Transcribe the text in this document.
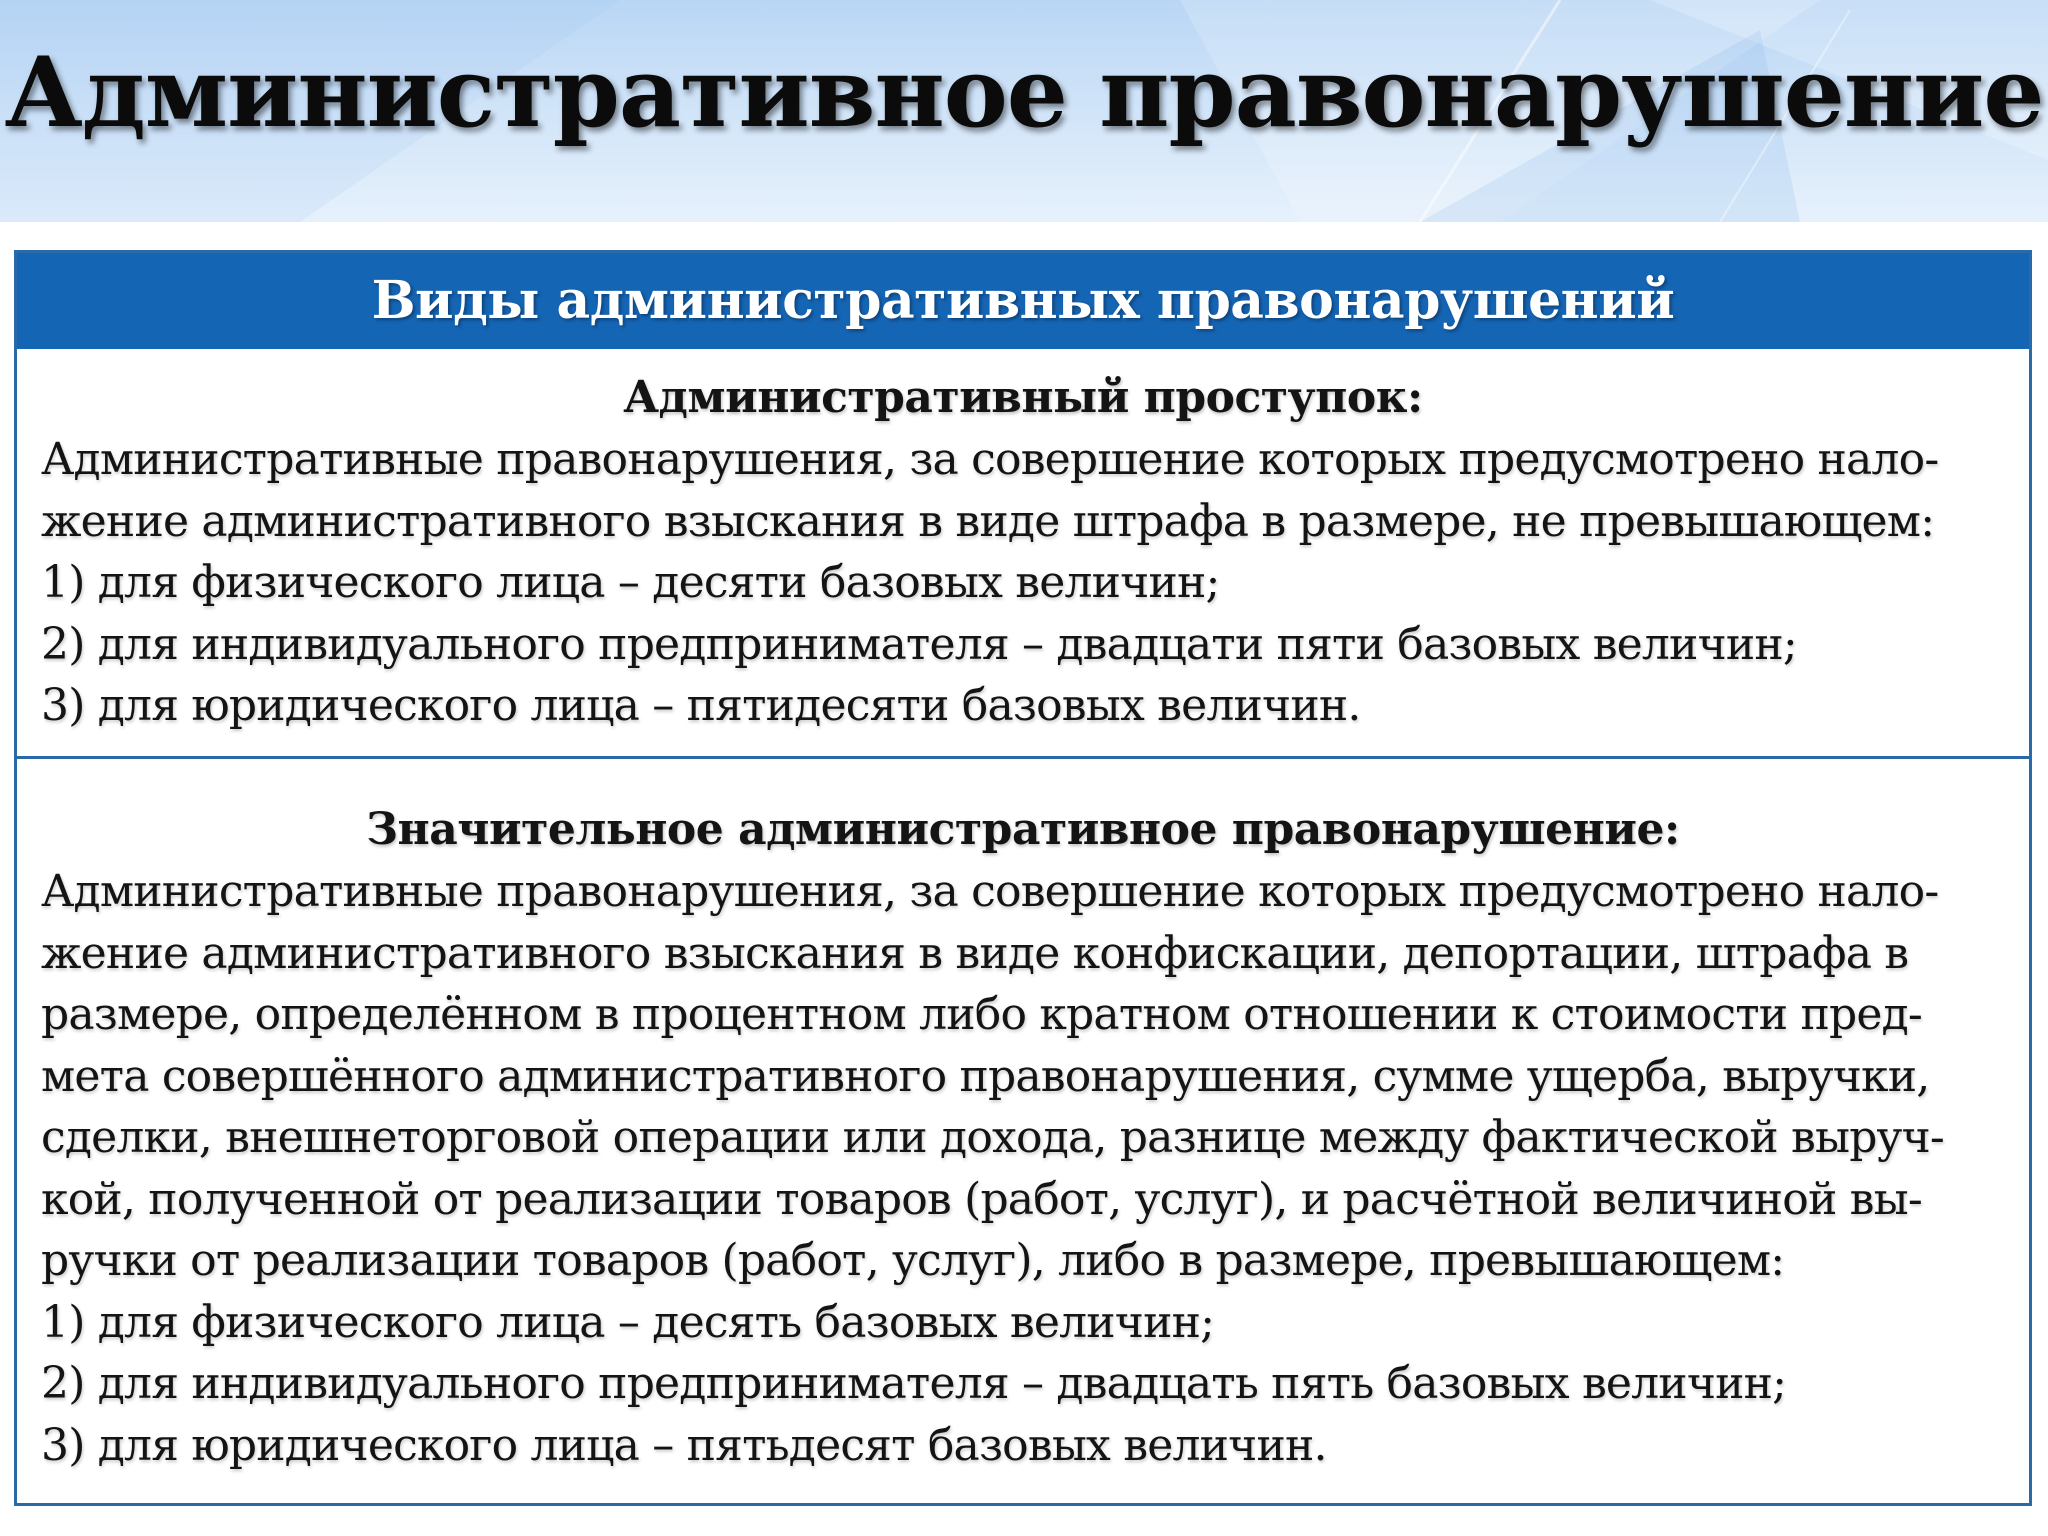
Административное правонарушение
Виды административных правонарушений
Административный проступок:
Административные правонарушения, за совершение которых предусмотрено нало-
жение административного взыскания в виде штрафа в размере, не превышающем:
1) для физического лица – десяти базовых величин;
2) для индивидуального предпринимателя – двадцати пяти базовых величин;
3) для юридического лица – пятидесяти базовых величин.
Значительное административное правонарушение:
Административные правонарушения, за совершение которых предусмотрено нало-
жение административного взыскания в виде конфискации, депортации, штрафа в
размере, определённом в процентном либо кратном отношении к стоимости пред-
мета совершённого административного правонарушения, сумме ущерба, выручки,
сделки, внешнеторговой операции или дохода, разнице между фактической выруч-
кой, полученной от реализации товаров (работ, услуг), и расчётной величиной вы-
ручки от реализации товаров (работ, услуг), либо в размере, превышающем:
1) для физического лица – десять базовых величин;
2) для индивидуального предпринимателя – двадцать пять базовых величин;
3) для юридического лица – пятьдесят базовых величин.
